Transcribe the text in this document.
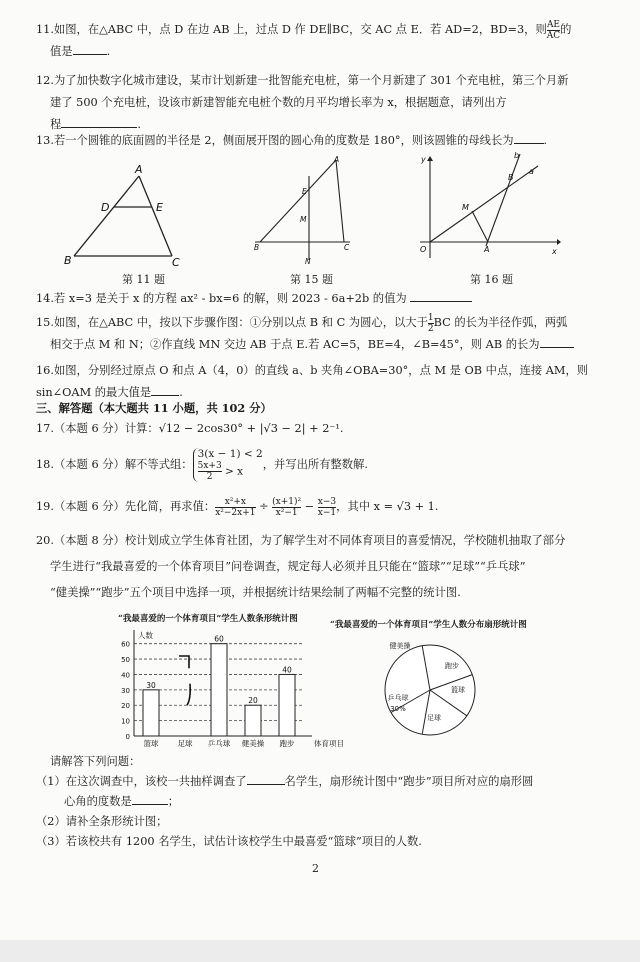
11.如图，在△ABC 中，点 D 在边 AB 上，过点 D 作 DE∥BC，交 AC 点 E．若 AD=2，BD=3，则 $\frac{AE}{AC}$ 的
值是	.
12.为了加快数字化城市建设，某市计划新建一批智能充电桩，第一个月新建了 301 个充电桩，第三个月新
建了 500 个充电桩，设该市新建智能充电桩个数的月平均增长率为 x，根据题意，请列出方
程	.
13.若一个圆锥的底面圆的半径是 2，侧面展开图的圆心角的度数是 180°，则该圆锥的母线长为	.
A
D	E
B	C
第 11 题
A
E
M
B	C
N
第 15 题
y
x
O	A
B
M
a
b
第 16 题
14.若 x=3 是关于 x 的方程 ax² - bx=6 的解，则 2023 - 6a+2b 的值为
15.如图，在△ABC 中，按以下步骤作图：①分别以点 B 和 C 为圆心，以大于 $\frac{1}{2}$ BC 的长为半径作弧，两弧
相交于点 M 和 N；②作直线 MN 交边 AB 于点 E.若 AC=5，BE=4，∠B=45°，则 AB 的长为
16.如图，分别经过原点 O 和点 A（4，0）的直线 a、b 夹角∠OBA=30°，点 M 是 OB 中点，连接 AM，则
sin∠OAM 的最大值是 .
三、解答题（本大题共 11 小题，共 102 分）
17.（本题 6 分）计算：√12 − 2cos30° + |√3 − 2| + 2⁻¹.
18.（本题 6 分）解不等式组：
3(x − 1) < 2
$\frac{5x+3}{2} > x$
，并写出所有整数解.
19.（本题 6 分）先化简，再求值： $\frac{\text{x²+x}}{\text{x²−2x+1}} \div \frac{\text{(x+1)²}}{\text{x²−1}} - \frac{x-3}{x-1}$ ，其中 x = √3 + 1.
20.（本题 8 分）校计划成立学生体育社团，为了解学生对不同体育项目的喜爱情况，学校随机抽取了部分
学生进行“我最喜爱的一个体育项目”问卷调查，规定每人必须并且只能在“篮球”“足球”“乒乓球”
“健美操”“跑步”五个项目中选择一项，并根据统计结果绘制了两幅不完整的统计图.
“我最喜爱的一个体育项目”学生人数条形统计图
0
10
20
30
40
50
60
人数
体育项目
30
篮球	足球
60
乒乓球
20
健美操
40
跑步
“我最喜爱的一个体育项目”学生人数分布扇形统计图
健美操
跑步
篮球
足球
乒乓球
30%
请解答下列问题：
（1）在这次调查中，该校一共抽样调查了	名学生，扇形统计图中“跑步”项目所对应的扇形圆
心角的度数是	；
（2）请补全条形统计图；
（3）若该校共有 1200 名学生，试估计该校学生中最喜爱“篮球”项目的人数.
2
